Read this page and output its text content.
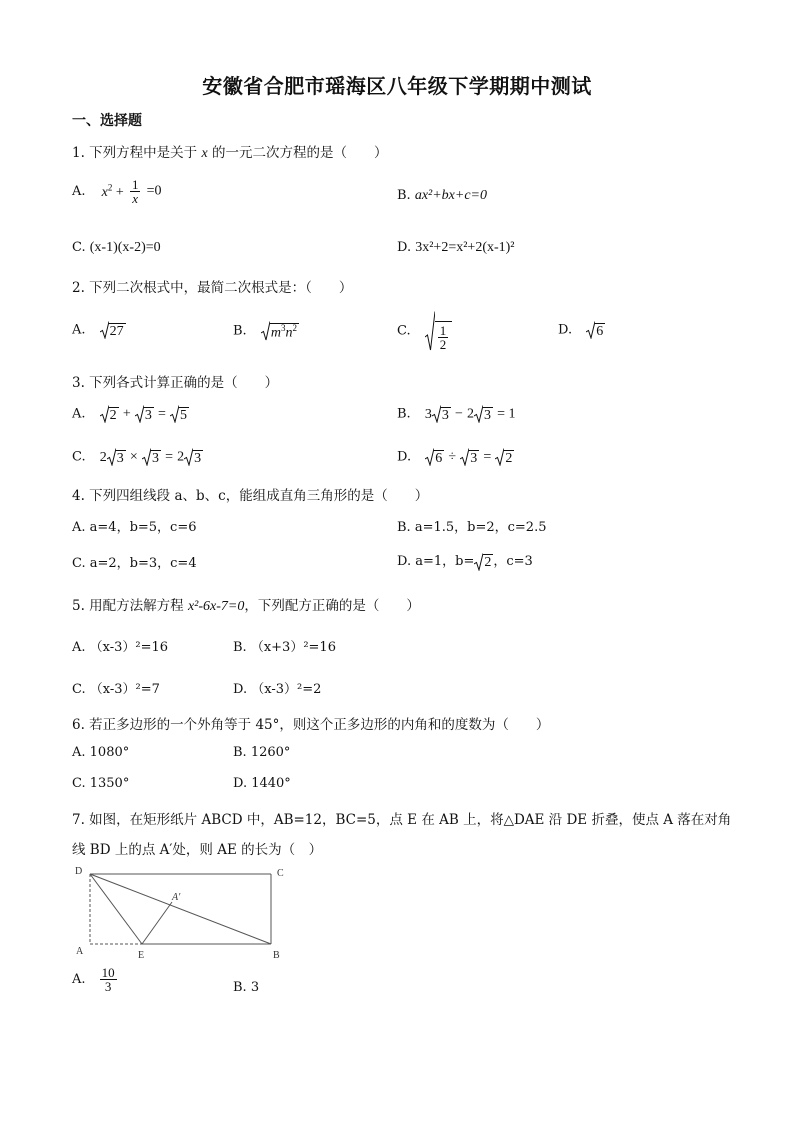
安徽省合肥市瑶海区八年级下学期期中测试
一、选择题
1. 下列方程中是关于 x 的一元二次方程的是（　　）
A. $x^2 + \frac{1}{x} =0$	B. ax²+bx+c=0
C. (x-1)(x-2)=0	D. 3x²+2=x²+2(x-1)²
2. 下列二次根式中，最简二次根式是：（　　）
A. 27	B. $m^3n^2$	C. $\frac{1}{2}$	D. 6
3. 下列各式计算正确的是（　　）
A. 2 + 3 = 5	B. 3 3 − 2 3 = 1
C. 2 3 × 3 = 2 3	D. 6 ÷ 3 = 2
4. 下列四组线段 a、b、c，能组成直角三角形的是（　　）
A. a=4，b=5，c=6	B. a=1.5，b=2，c=2.5
C. a=2，b=3，c=4	D. a=1，b= 2 ，c=3
5. 用配方法解方程 x²-6x-7=0，下列配方正确的是（　　）
A. （x-3）²=16	B. （x+3）²=16
C. （x-3）²=7	D. （x-3）²=2
6. 若正多边形的一个外角等于 45°，则这个正多边形的内角和的度数为（　　）
A. 1080°	B. 1260°
C. 1350°	D. 1440°
7. 如图，在矩形纸片 ABCD 中，AB=12，BC=5，点 E 在 AB 上，将△DAE 沿 DE 折叠，使点 A 落在对角
线 BD 上的点 A′处，则 AE 的长为（　）
D	C
A	B
E
A′
A. $\frac{10}{3}$	B. 3
